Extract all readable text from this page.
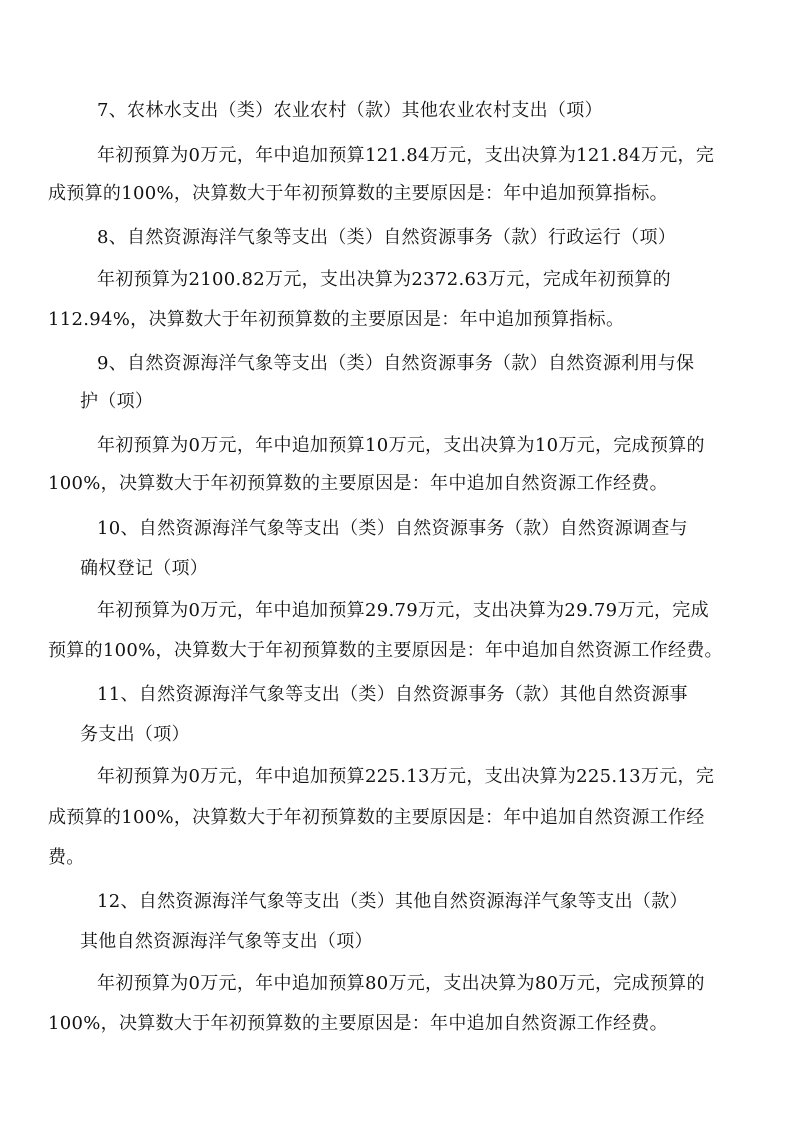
7、农林水支出（类）农业农村（款）其他农业农村支出（项）
年初预算为0万元，年中追加预算121.84万元，支出决算为121.84万元，完
成预算的100%，决算数大于年初预算数的主要原因是：年中追加预算指标。
8、自然资源海洋气象等支出（类）自然资源事务（款）行政运行（项）
年初预算为2100.82万元，支出决算为2372.63万元，完成年初预算的
112.94%，决算数大于年初预算数的主要原因是：年中追加预算指标。
9、自然资源海洋气象等支出（类）自然资源事务（款）自然资源利用与保
护（项）
年初预算为0万元，年中追加预算10万元，支出决算为10万元，完成预算的
100%，决算数大于年初预算数的主要原因是：年中追加自然资源工作经费。
10、自然资源海洋气象等支出（类）自然资源事务（款）自然资源调查与
确权登记（项）
年初预算为0万元，年中追加预算29.79万元，支出决算为29.79万元，完成
预算的100%，决算数大于年初预算数的主要原因是：年中追加自然资源工作经费。
11、自然资源海洋气象等支出（类）自然资源事务（款）其他自然资源事
务支出（项）
年初预算为0万元，年中追加预算225.13万元，支出决算为225.13万元，完
成预算的100%，决算数大于年初预算数的主要原因是：年中追加自然资源工作经
费。
12、自然资源海洋气象等支出（类）其他自然资源海洋气象等支出（款）
其他自然资源海洋气象等支出（项）
年初预算为0万元，年中追加预算80万元，支出决算为80万元，完成预算的
100%，决算数大于年初预算数的主要原因是：年中追加自然资源工作经费。
